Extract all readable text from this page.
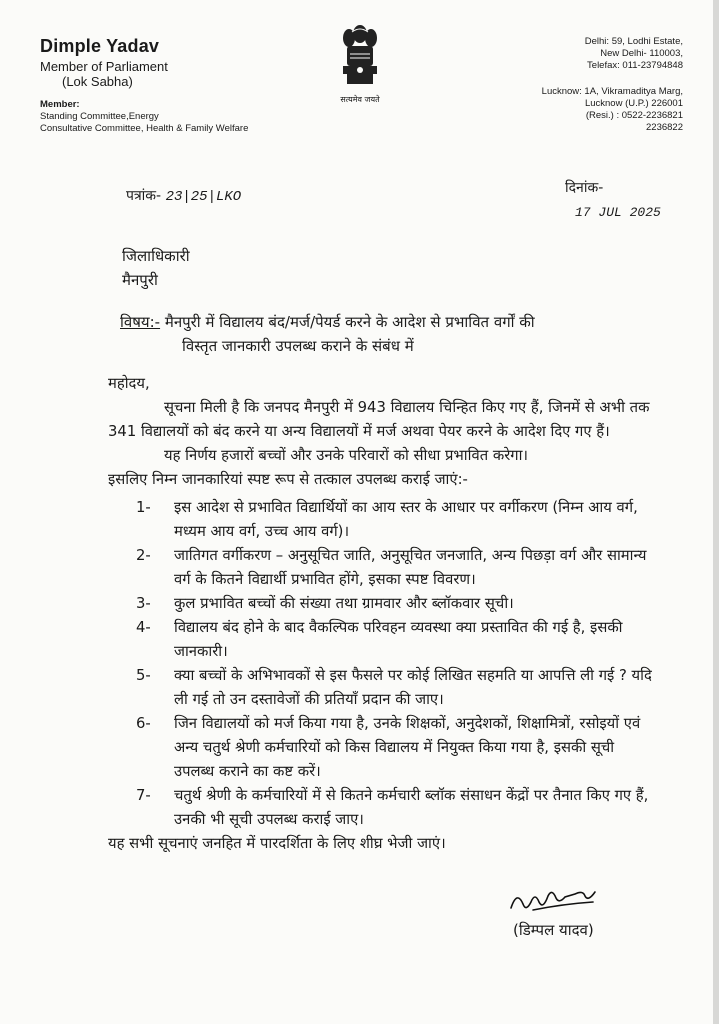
Dimple Yadav
Member of Parliament
(Lok Sabha)
Member:
Standing Committee,Energy
Consultative Committee, Health & Family Welfare
सत्यमेव जयते
Delhi: 59, Lodhi Estate,
New Delhi- 110003,
Telefax: 011-23794848
Lucknow: 1A, Vikramaditya Marg,
Lucknow (U.P.) 226001
(Resi.) : 0522-2236821
2236822
पत्रांक- 23|25|LKO
दिनांक-
17 JUL 2025
जिलाधिकारी
मैनपुरी
विषय:- मैनपुरी में विद्यालय बंद/मर्ज/पेयर्ड करने के आदेश से प्रभावित वर्गों की
विस्तृत जानकारी उपलब्ध कराने के संबंध में

महोदय,

सूचना मिली है कि जनपद मैनपुरी में 943 विद्यालय चिन्हित किए गए हैं, जिनमें से अभी तक 341 विद्यालयों को बंद करने या अन्य विद्यालयों में मर्ज अथवा पेयर करने के आदेश दिए गए हैं।

यह निर्णय हजारों बच्चों और उनके परिवारों को सीधा प्रभावित करेगा।

इसलिए निम्न जानकारियां स्पष्ट रूप से तत्काल उपलब्ध कराई जाएं:-

1-	इस आदेश से प्रभावित विद्यार्थियों का आय स्तर के आधार पर वर्गीकरण (निम्न आय वर्ग, मध्यम आय वर्ग, उच्च आय वर्ग)।
2-	जातिगत वर्गीकरण – अनुसूचित जाति, अनुसूचित जनजाति, अन्य पिछड़ा वर्ग और सामान्य वर्ग के कितने विद्यार्थी प्रभावित होंगे, इसका स्पष्ट विवरण।
3-	कुल प्रभावित बच्चों की संख्या तथा ग्रामवार और ब्लॉकवार सूची।
4-	विद्यालय बंद होने के बाद वैकल्पिक परिवहन व्यवस्था क्या प्रस्तावित की गई है, इसकी जानकारी।
5-	क्या बच्चों के अभिभावकों से इस फैसले पर कोई लिखित सहमति या आपत्ति ली गई ? यदि ली गई तो उन दस्तावेजों की प्रतियाँ प्रदान की जाए।
6-	जिन विद्यालयों को मर्ज किया गया है, उनके शिक्षकों, अनुदेशकों, शिक्षामित्रों, रसोइयों एवं अन्य चतुर्थ श्रेणी कर्मचारियों को किस विद्यालय में नियुक्त किया गया है, इसकी सूची उपलब्ध कराने का कष्ट करें।
7-	चतुर्थ श्रेणी के कर्मचारियों में से कितने कर्मचारी ब्लॉक संसाधन केंद्रों पर तैनात किए गए हैं, उनकी भी सूची उपलब्ध कराई जाए।

यह सभी सूचनाएं जनहित में पारदर्शिता के लिए शीघ्र भेजी जाएं।

(डिम्पल यादव)
